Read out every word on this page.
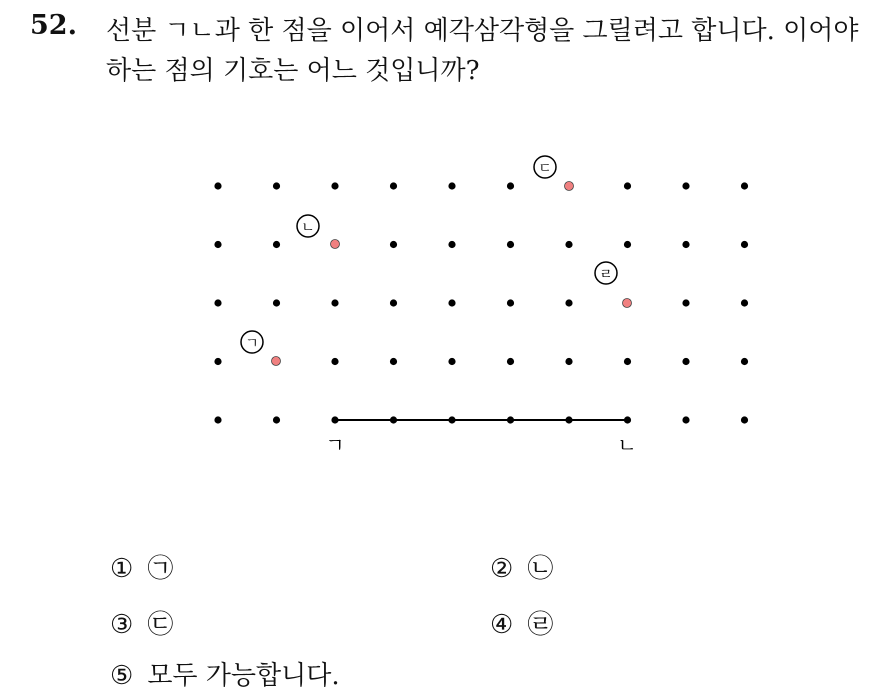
52. 선분 ㄱㄴ과 한 점을 이어서 예각삼각형을 그릴려고 합니다. 이어야
하는 점의 기호는 어느 것입니까?
ㄱ	ㄴ
ㄱ
ㄴ
ㄷ
ㄹ
① ㉠	② ㉡
③ ㉢	④ ㉣
⑤ 모두 가능합니다.
